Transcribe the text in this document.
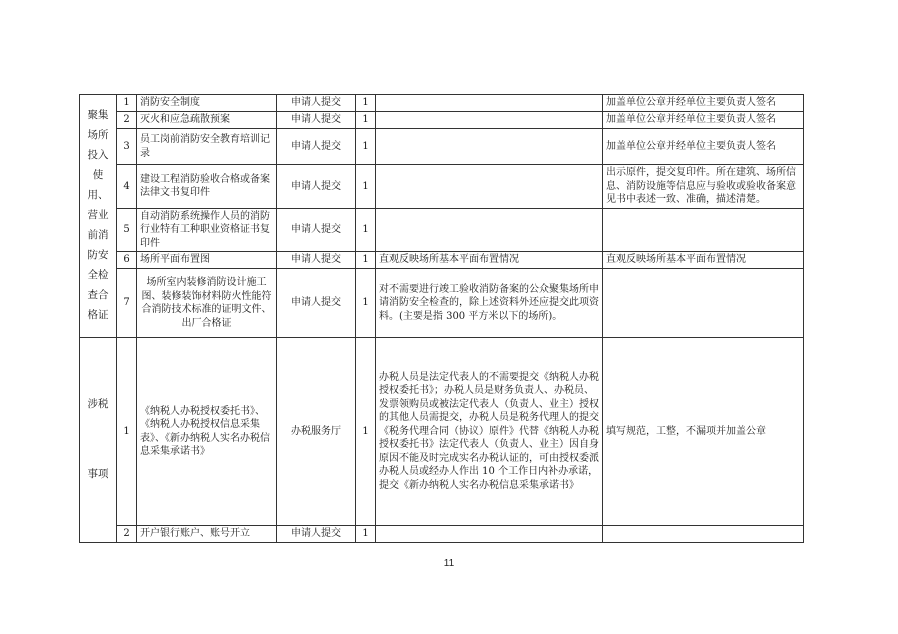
聚集场所投入使用、营业前消防安全检查合格证	1	消防安全制度	申请人提交	1		加盖单位公章并经单位主要负责人签名
	2	灭火和应急疏散预案	申请人提交	1		加盖单位公章并经单位主要负责人签名
	3	员工岗前消防安全教育培训记录	申请人提交	1		加盖单位公章并经单位主要负责人签名
	4	建设工程消防验收合格或备案法律文书复印件	申请人提交	1		出示原件，提交复印件。所在建筑、场所信息、消防设施等信息应与验收或验收备案意见书中表述一致、准确，描述清楚。
	5	自动消防系统操作人员的消防行业特有工种职业资格证书复印件	申请人提交	1		
	6	场所平面布置图	申请人提交	1	直观反映场所基本平面布置情况	直观反映场所基本平面布置情况
	7	场所室内装修消防设计施工图、装修装饰材料防火性能符合消防技术标准的证明文件、出厂合格证	申请人提交	1	对不需要进行竣工验收消防备案的公众聚集场所申请消防安全检查的，除上述资料外还应提交此项资料。(主要是指 300 平方米以下的场所)。	

涉税
事项	1	《纳税人办税授权委托书》、《纳税人办税授权信息采集表》、《新办纳税人实名办税信息采集承诺书》	办税服务厅	1	办税人员是法定代表人的不需要提交《纳税人办税授权委托书》；办税人员是财务负责人、办税员、发票领购员或被法定代表人（负责人、业主）授权的其他人员需提交，办税人员是税务代理人的提交《税务代理合同（协议）原件》代替《纳税人办税授权委托书》法定代表人（负责人、业主）因自身原因不能及时完成实名办税认证的，可由授权委派办税人员或经办人作出 10 个工作日内补办承诺，提交《新办纳税人实名办税信息采集承诺书》	填写规范，工整，不漏项并加盖公章
	2	开户银行账户、账号开立	申请人提交	1		
11
